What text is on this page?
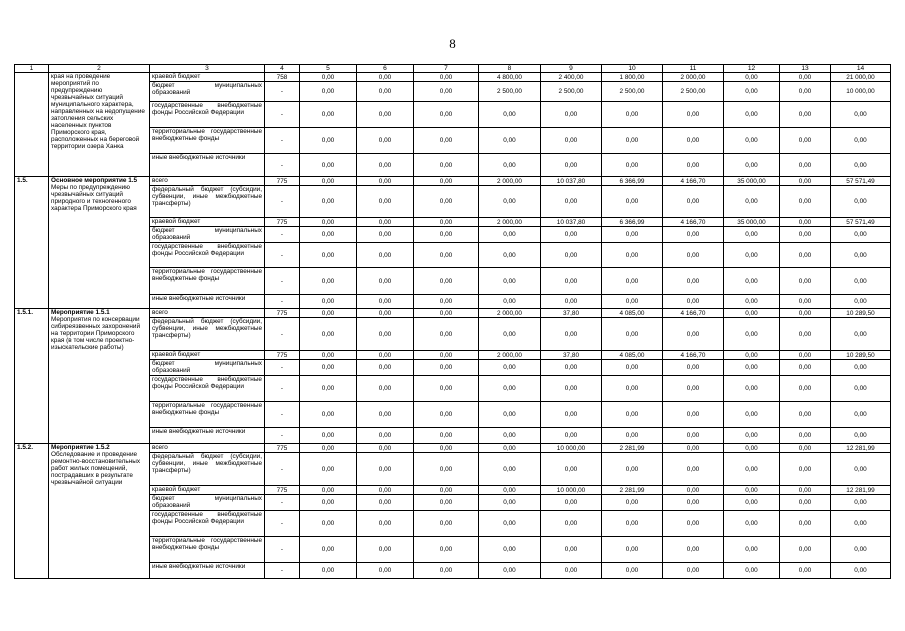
8
1	2	3	4	5	6	7	8	9	10	11	12	13	14

	края на проведение мероприятий по предупреждению чрезвычайных ситуаций муниципального характера, направленных на недопущение затопления сельских населенных пунктов Приморского края, расположенных на береговой территории озера Ханка	краевой бюджет	758	0,00	0,00	0,00	4 800,00	2 400,00	1 800,00	2 000,00	0,00	0,00	21 000,00
		бюджет муниципальных образований	-	0,00	0,00	0,00	2 500,00	2 500,00	2 500,00	2 500,00	0,00	0,00	10 000,00
		государственные внебюджетные фонды Российской Федерации	-	0,00	0,00	0,00	0,00	0,00	0,00	0,00	0,00	0,00	0,00
		территориальные государственные внебюджетные фонды	-	0,00	0,00	0,00	0,00	0,00	0,00	0,00	0,00	0,00	0,00
		иные внебюджетные источники	-	0,00	0,00	0,00	0,00	0,00	0,00	0,00	0,00	0,00	0,00
1.5.	Основное мероприятие 1.5
Меры по предупреждению чрезвычайных ситуаций природного и техногенного характера Приморского края	всего	775	0,00	0,00	0,00	2 000,00	10 037,80	6 366,99	4 166,70	35 000,00	0,00	57 571,49
		федеральный бюджет (субсидии, субвенции, иные межбюджетные трансферты)	-	0,00	0,00	0,00	0,00	0,00	0,00	0,00	0,00	0,00	0,00
		краевой бюджет	775	0,00	0,00	0,00	2 000,00	10 037,80	6 366,99	4 166,70	35 000,00	0,00	57 571,49
		бюджет муниципальных образований	-	0,00	0,00	0,00	0,00	0,00	0,00	0,00	0,00	0,00	0,00
		государственные внебюджетные фонды Российской Федерации	-	0,00	0,00	0,00	0,00	0,00	0,00	0,00	0,00	0,00	0,00
		территориальные государственные внебюджетные фонды	-	0,00	0,00	0,00	0,00	0,00	0,00	0,00	0,00	0,00	0,00
		иные внебюджетные источники	-	0,00	0,00	0,00	0,00	0,00	0,00	0,00	0,00	0,00	0,00
1.5.1.	Мероприятие 1.5.1
Мероприятия по консервации сибиреязвенных захоронений на территории Приморского края (в том числе проектно-изыскательские работы)	всего	775	0,00	0,00	0,00	2 000,00	37,80	4 085,00	4 166,70	0,00	0,00	10 289,50
		федеральный бюджет (субсидии, субвенции, иные межбюджетные трансферты)	-	0,00	0,00	0,00	0,00	0,00	0,00	0,00	0,00	0,00	0,00
		краевой бюджет	775	0,00	0,00	0,00	2 000,00	37,80	4 085,00	4 166,70	0,00	0,00	10 289,50
		бюджет муниципальных образований	-	0,00	0,00	0,00	0,00	0,00	0,00	0,00	0,00	0,00	0,00
		государственные внебюджетные фонды Российской Федерации	-	0,00	0,00	0,00	0,00	0,00	0,00	0,00	0,00	0,00	0,00
		территориальные государственные внебюджетные фонды	-	0,00	0,00	0,00	0,00	0,00	0,00	0,00	0,00	0,00	0,00
		иные внебюджетные источники	-	0,00	0,00	0,00	0,00	0,00	0,00	0,00	0,00	0,00	0,00
1.5.2.	Мероприятие 1.5.2
Обследование и проведение ремонтно-восстановительных работ жилых помещений, пострадавших в результате чрезвычайной ситуации	всего	775	0,00	0,00	0,00	0,00	10 000,00	2 281,99	0,00	0,00	0,00	12 281,99
		федеральный бюджет (субсидии, субвенции, иные межбюджетные трансферты)	-	0,00	0,00	0,00	0,00	0,00	0,00	0,00	0,00	0,00	0,00
		краевой бюджет	775	0,00	0,00	0,00	0,00	10 000,00	2 281,99	0,00	0,00	0,00	12 281,99
		бюджет муниципальных образований	-	0,00	0,00	0,00	0,00	0,00	0,00	0,00	0,00	0,00	0,00
		государственные внебюджетные фонды Российской Федерации	-	0,00	0,00	0,00	0,00	0,00	0,00	0,00	0,00	0,00	0,00
		территориальные государственные внебюджетные фонды	-	0,00	0,00	0,00	0,00	0,00	0,00	0,00	0,00	0,00	0,00
		иные внебюджетные источники	-	0,00	0,00	0,00	0,00	0,00	0,00	0,00	0,00	0,00	0,00
